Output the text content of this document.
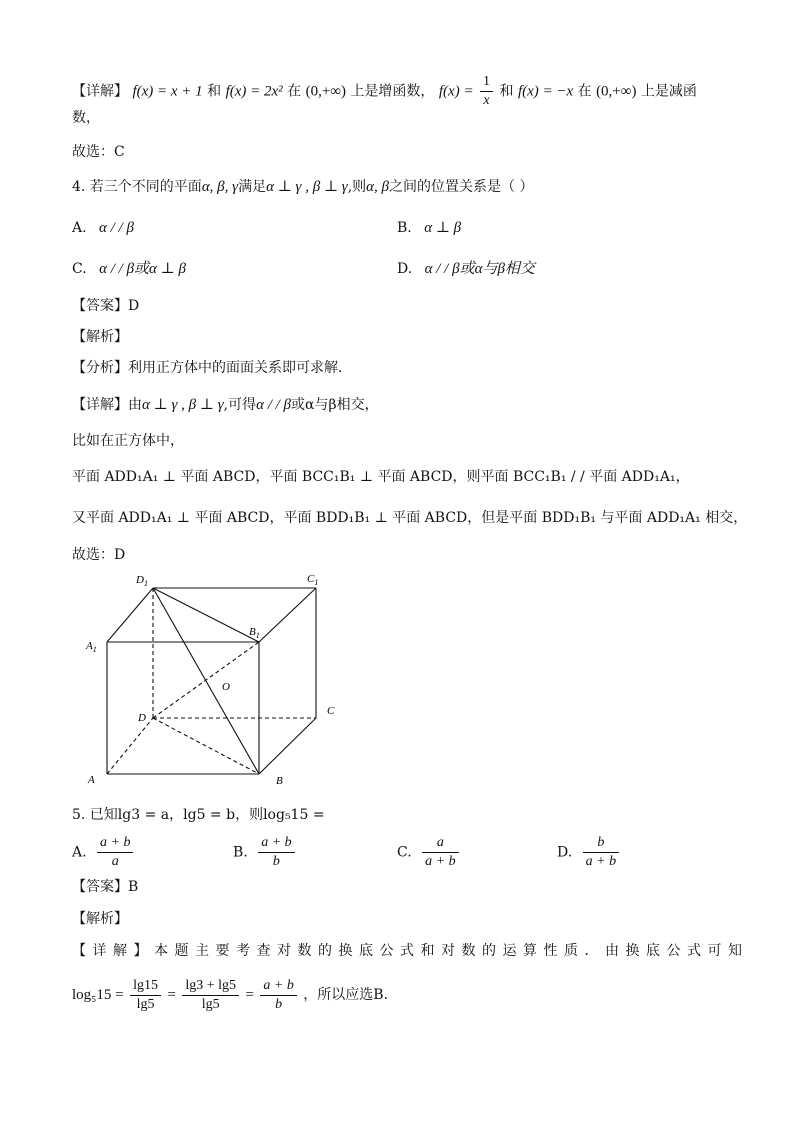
【详解】 f(x) = x + 1 和 f(x) = 2x² 在 (0,+∞) 上是增函数， $f(x) = \frac{1}{x}$ 和 f(x) = −x 在 (0,+∞) 上是减函
数，
故选：C
4. 若三个不同的平面α, β, γ满足α ⊥ γ , β ⊥ γ,则α, β之间的位置关系是（ ）
A. α / / β	B. α ⊥ β
C. α / / β或α ⊥ β	D. α / / β或α与β相交
【答案】D
【解析】
【分析】利用正方体中的面面关系即可求解.
【详解】由α ⊥ γ , β ⊥ γ,可得α / / β或α与β相交，
比如在正方体中，
平面 ADD₁A₁ ⊥ 平面 ABCD，平面 BCC₁B₁ ⊥ 平面 ABCD，则平面 BCC₁B₁ / / 平面 ADD₁A₁，
又平面 ADD₁A₁ ⊥ 平面 ABCD，平面 BDD₁B₁ ⊥ 平面 ABCD，但是平面 BDD₁B₁ 与平面 ADD₁A₁ 相交，
故选：D
$D_1$	$C_1$
$A_1$
$B_1$
O
D
C
A	B
5. 已知lg3 = a，lg5 = b，则log₅15 =
A. $\frac{a + b}{a}$	B. $\frac{a + b}{b}$	C. $\frac{a}{a + b}$	D. $\frac{b}{a + b}$
【答案】B
【解析】
【详解】本题主要考查对数的换底公式和对数的运算性质．由换底公式可知
$\log_515 = \frac{\lg 15}{\lg 5} = \frac{\lg 3 + \lg 5}{\lg 5} = \frac{a + b}{b}$ ，所以应选B．
